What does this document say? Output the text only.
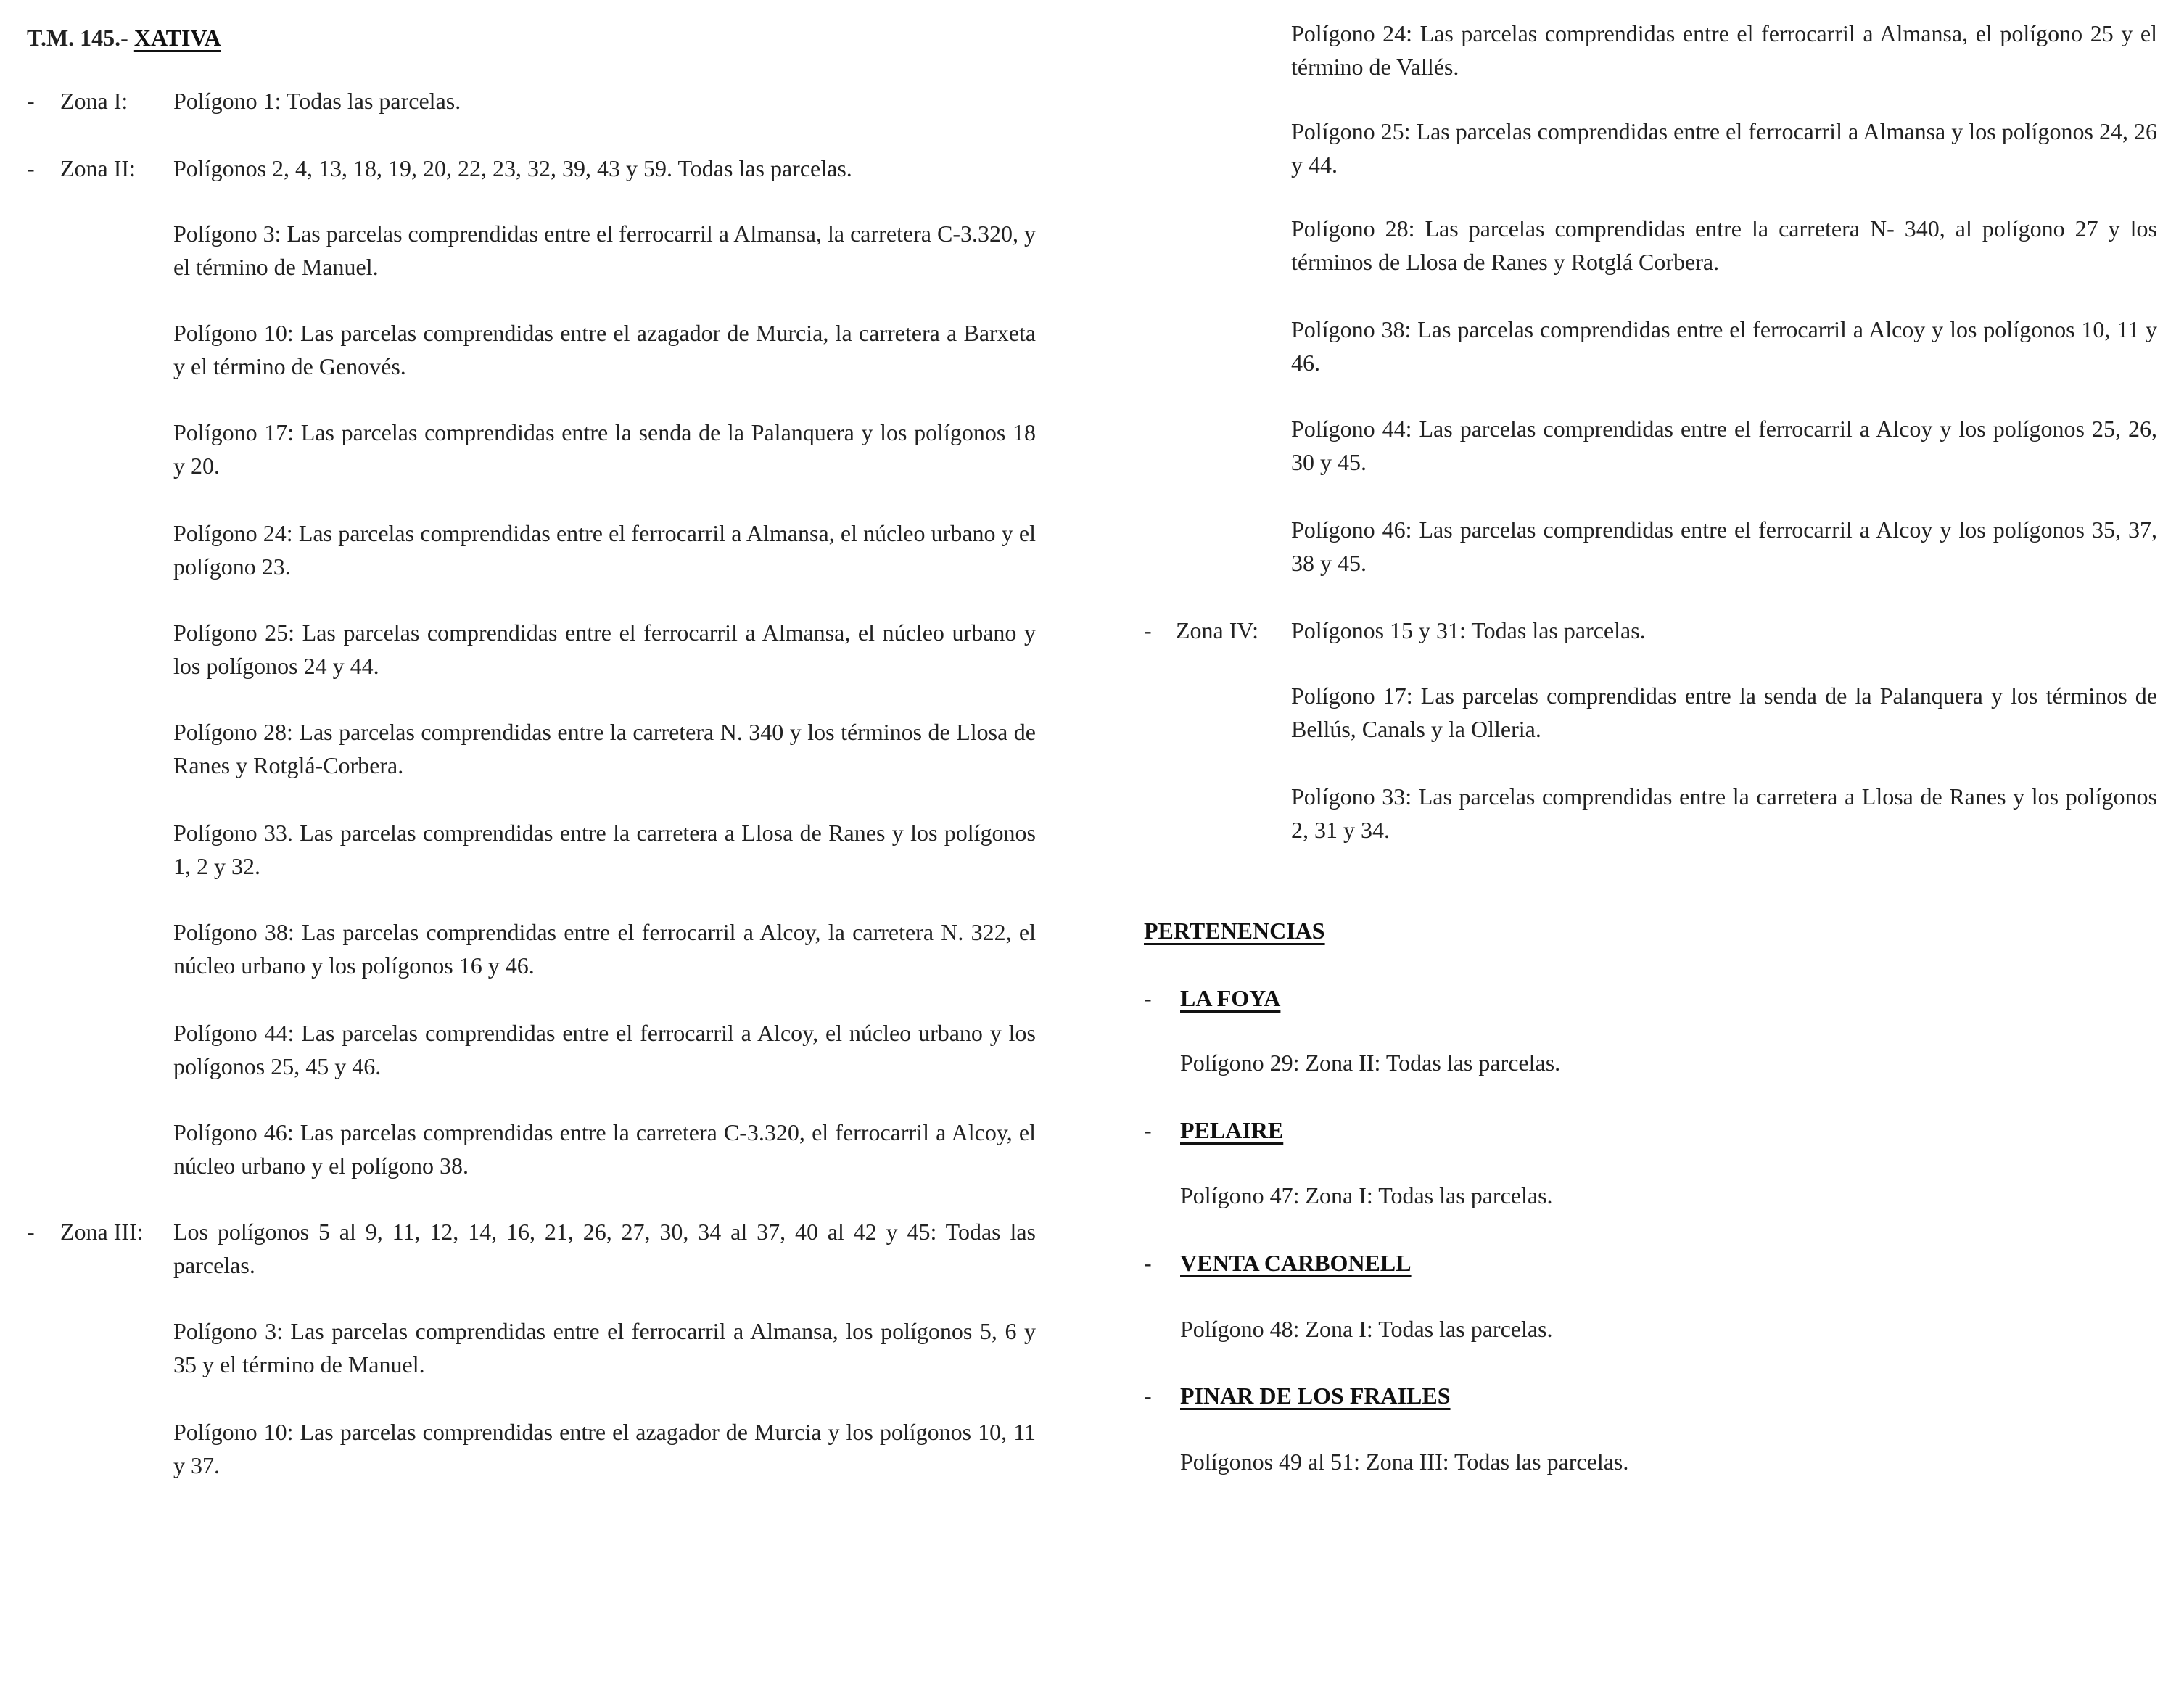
T.M. 145.- XATIVA
- Zona I: Polígono 1: Todas las parcelas.

- Zona II: Polígonos 2, 4, 13, 18, 19, 20, 22, 23, 32, 39, 43 y 59. Todas las parcelas.

Polígono 3: Las parcelas comprendidas entre el ferrocarril a Almansa, la carretera C-3.320, y el término de Manuel.

Polígono 10: Las parcelas comprendidas entre el azagador de Murcia, la carretera a Barxeta y el término de Genovés.

Polígono 17: Las parcelas comprendidas entre la senda de la Palanquera y los polígonos 18 y 20.

Polígono 24: Las parcelas comprendidas entre el ferrocarril a Almansa, el núcleo urbano y el polígono 23.

Polígono 25: Las parcelas comprendidas entre el ferrocarril a Almansa, el núcleo urbano y los polígonos 24 y 44.

Polígono 28: Las parcelas comprendidas entre la carretera N. 340 y los términos de Llosa de Ranes y Rotglá-Corbera.

Polígono 33. Las parcelas comprendidas entre la carretera a Llosa de Ranes y los polígonos 1, 2 y 32.

Polígono 38: Las parcelas comprendidas entre el ferrocarril a Alcoy, la carretera N. 322, el núcleo urbano y los polígonos 16 y 46.

Polígono 44: Las parcelas comprendidas entre el ferrocarril a Alcoy, el núcleo urbano y los polígonos 25, 45 y 46.

Polígono 46: Las parcelas comprendidas entre la carretera C-3.320, el ferrocarril a Alcoy, el núcleo urbano y el polígono 38.

- Zona III: Los polígonos 5 al 9, 11, 12, 14, 16, 21, 26, 27, 30, 34 al 37, 40 al 42 y 45: Todas las parcelas.

Polígono 3: Las parcelas comprendidas entre el ferrocarril a Almansa, los polígonos 5, 6 y 35 y el término de Manuel.

Polígono 10: Las parcelas comprendidas entre el azagador de Murcia y los polígonos 10, 11 y 37.

Polígono 24: Las parcelas comprendidas entre el ferrocarril a Almansa, el polígono 25 y el término de Vallés.

Polígono 25: Las parcelas comprendidas entre el ferrocarril a Almansa y los polígonos 24, 26 y 44.

Polígono 28: Las parcelas comprendidas entre la carretera N- 340, al polígono 27 y los términos de Llosa de Ranes y Rotglá Corbera.

Polígono 38: Las parcelas comprendidas entre el ferrocarril a Alcoy y los polígonos 10, 11 y 46.

Polígono 44: Las parcelas comprendidas entre el ferrocarril a Alcoy y los polígonos 25, 26, 30 y 45.

Polígono 46: Las parcelas comprendidas entre el ferrocarril a Alcoy y los polígonos 35, 37, 38 y 45.

- Zona IV: Polígonos 15 y 31: Todas las parcelas.

Polígono 17: Las parcelas comprendidas entre la senda de la Palanquera y los términos de Bellús, Canals y la Olleria.

Polígono 33: Las parcelas comprendidas entre la carretera a Llosa de Ranes y los polígonos 2, 31 y 34.

PERTENENCIAS
- LA FOYA

Polígono 29: Zona II: Todas las parcelas.

- PELAIRE

Polígono 47: Zona I: Todas las parcelas.

- VENTA CARBONELL

Polígono 48: Zona I: Todas las parcelas.

- PINAR DE LOS FRAILES

Polígonos 49 al 51: Zona III: Todas las parcelas.
